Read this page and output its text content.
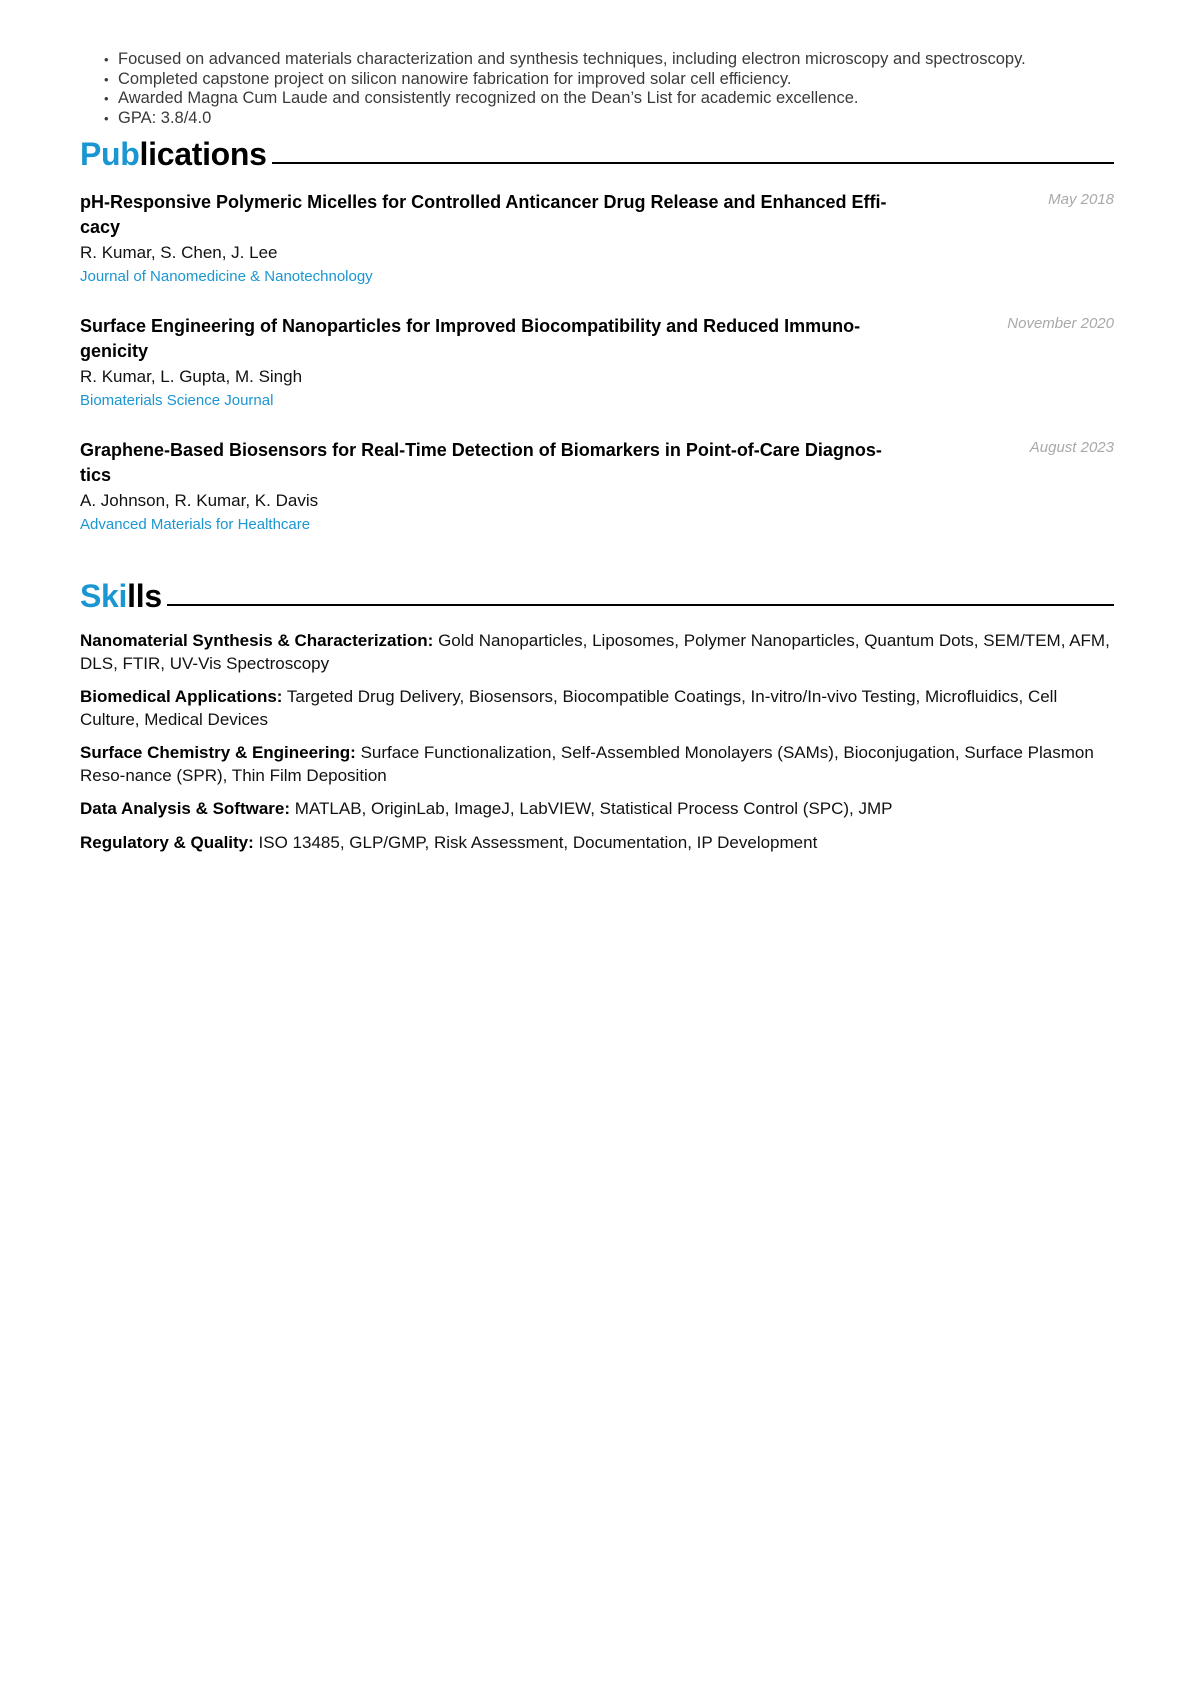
• Focused on advanced materials characterization and synthesis techniques, including electron microscopy and spectroscopy.
• Completed capstone project on silicon nanowire fabrication for improved solar cell efficiency.
• Awarded Magna Cum Laude and consistently recognized on the Dean’s List for academic excellence.
• GPA: 3.8/4.0
Publications

pH-Responsive Polymeric Micelles for Controlled Anticancer Drug Release and Enhanced Effi-cacy

May 2018
R. Kumar, S. Chen, J. Lee
Journal of Nanomedicine & Nanotechnology

Surface Engineering of Nanoparticles for Improved Biocompatibility and Reduced Immuno-genicity

November 2020
R. Kumar, L. Gupta, M. Singh
Biomaterials Science Journal

Graphene-Based Biosensors for Real-Time Detection of Biomarkers in Point-of-Care Diagnos-tics

August 2023
A. Johnson, R. Kumar, K. Davis
Advanced Materials for Healthcare
Skills

Nanomaterial Synthesis & Characterization: Gold Nanoparticles, Liposomes, Polymer Nanoparticles, Quantum Dots, SEM/TEM, AFM, DLS, FTIR, UV-Vis Spectroscopy

Biomedical Applications: Targeted Drug Delivery, Biosensors, Biocompatible Coatings, In-vitro/In-vivo Testing, Microfluidics, Cell Culture, Medical Devices

Surface Chemistry & Engineering: Surface Functionalization, Self-Assembled Monolayers (SAMs), Bioconjugation, Surface Plasmon Reso-nance (SPR), Thin Film Deposition

Data Analysis & Software: MATLAB, OriginLab, ImageJ, LabVIEW, Statistical Process Control (SPC), JMP

Regulatory & Quality: ISO 13485, GLP/GMP, Risk Assessment, Documentation, IP Development
